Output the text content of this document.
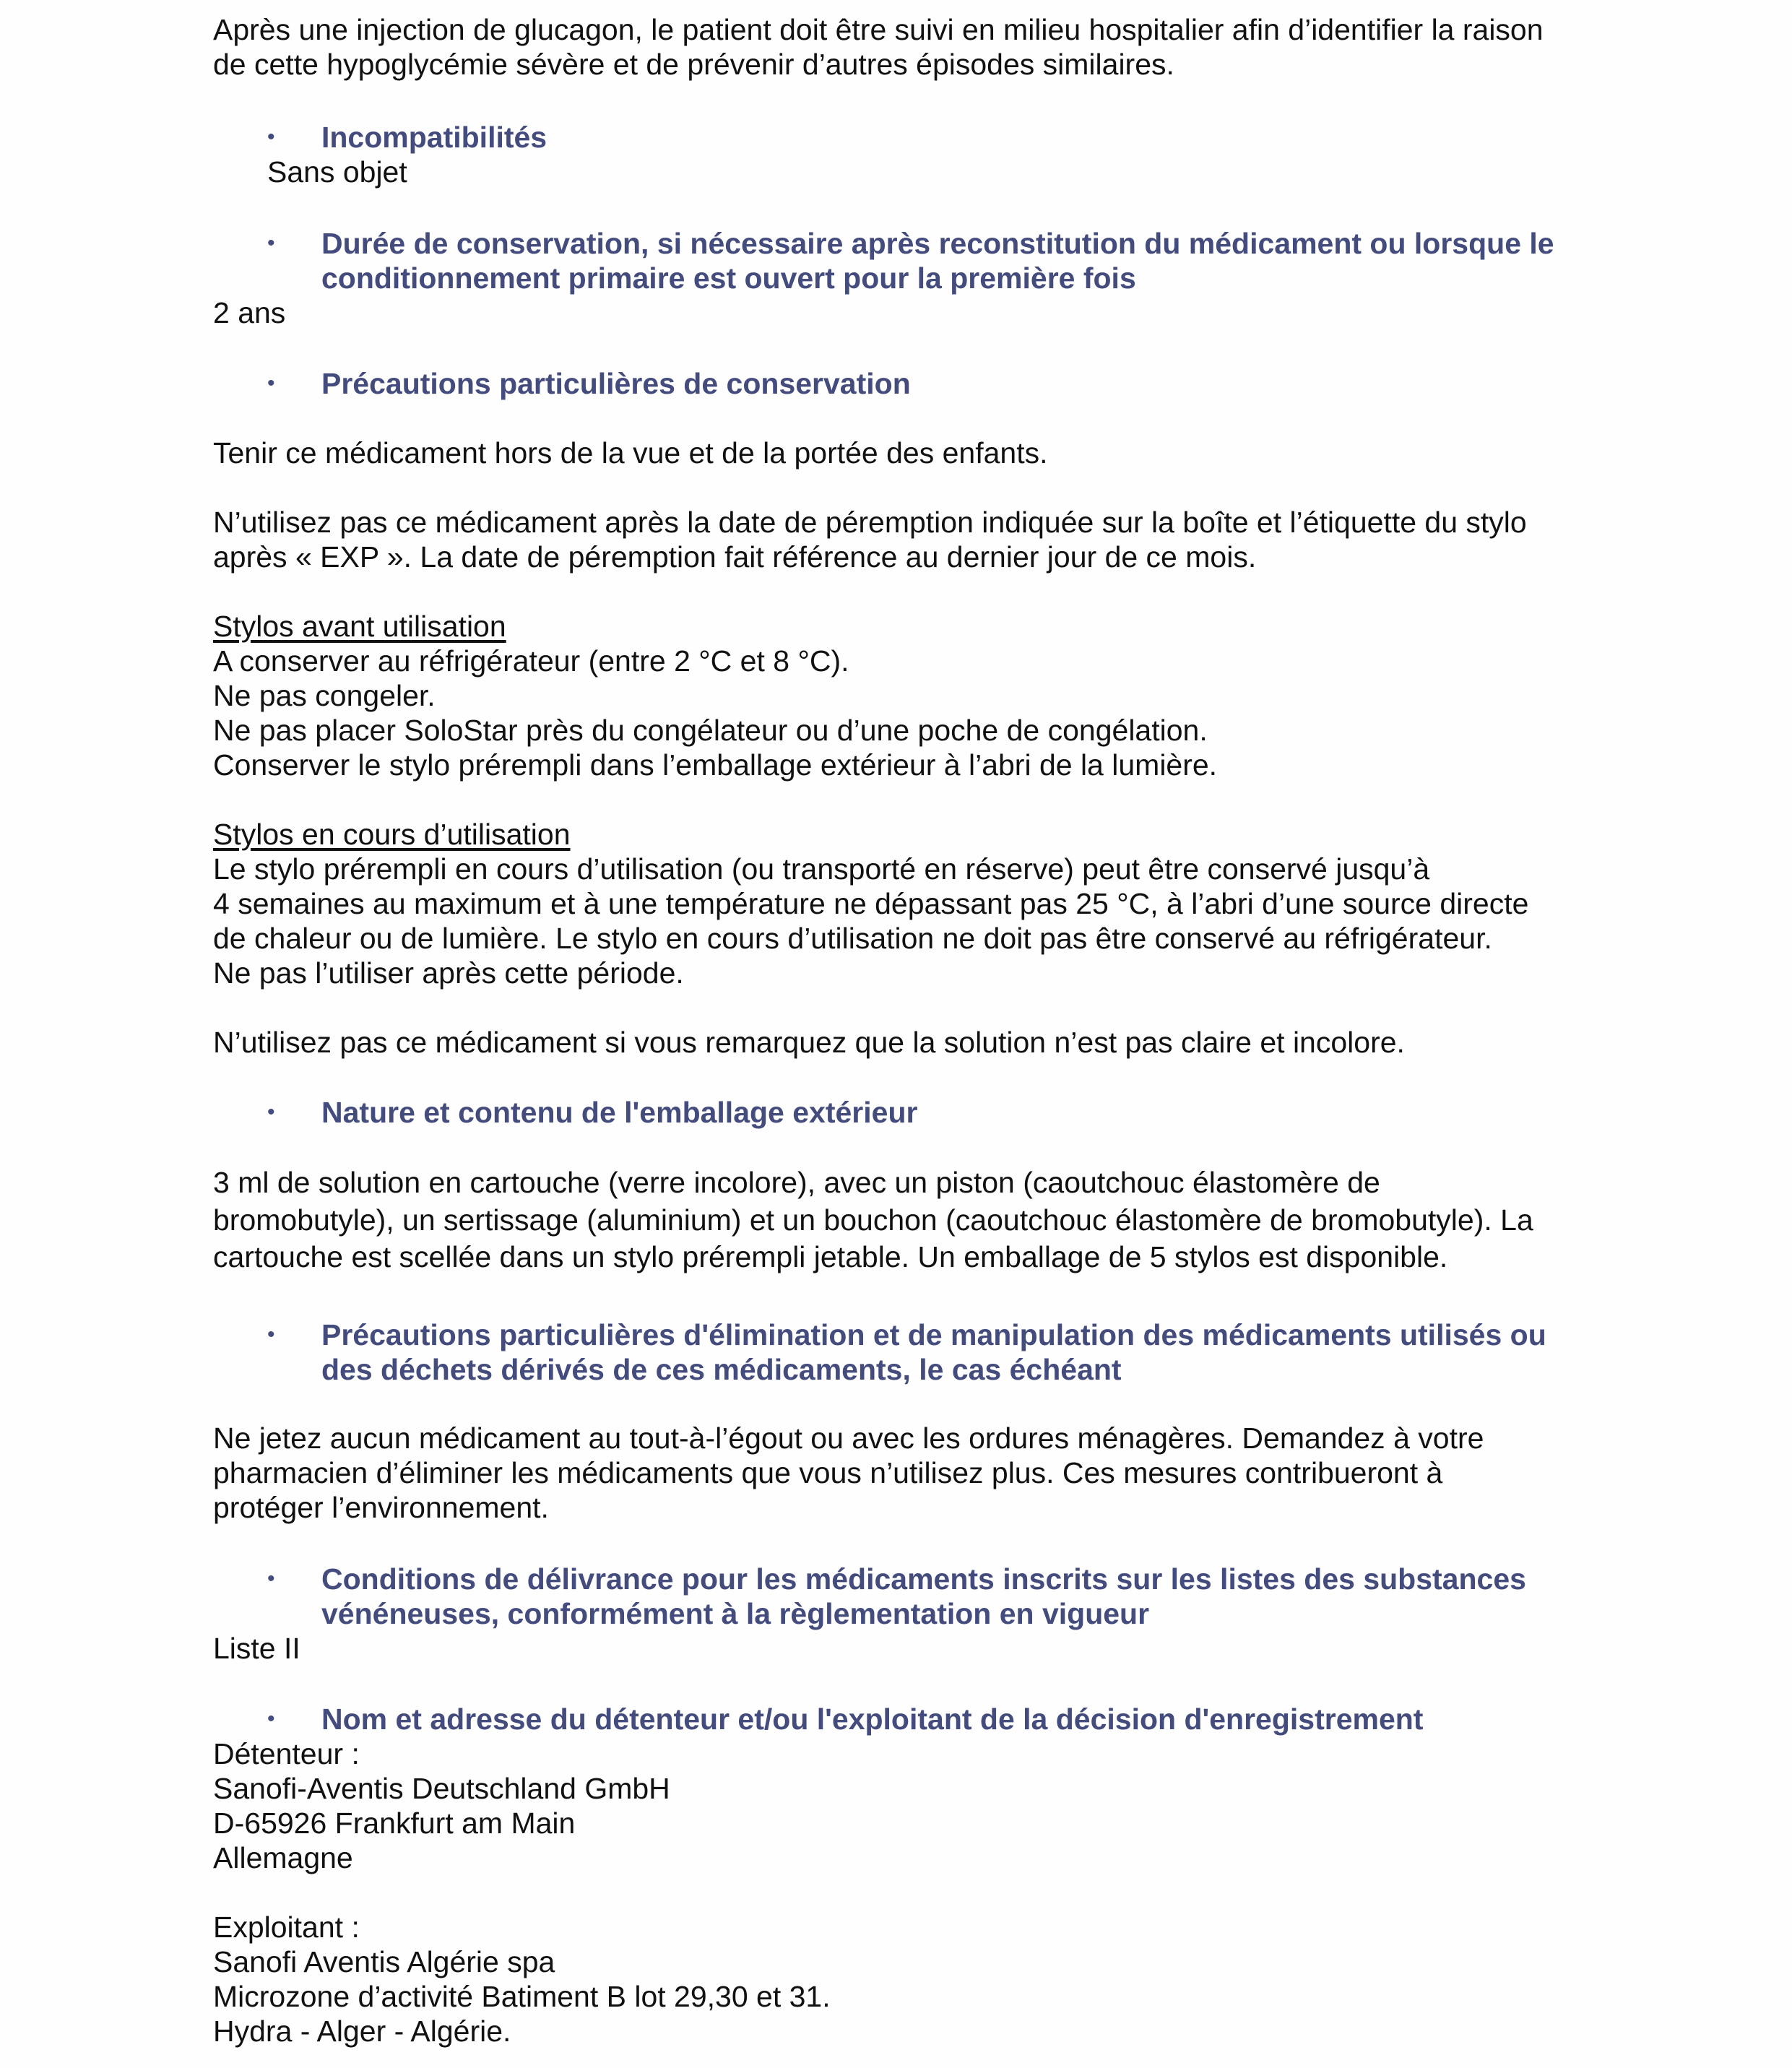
Après une injection de glucagon, le patient doit être suivi en milieu hospitalier afin d’identifier la raison

de cette hypoglycémie sévère et de prévenir d’autres épisodes similaires.

• Incompatibilités

Sans objet

• Durée de conservation, si nécessaire après reconstitution du médicament ou lorsque le

conditionnement primaire est ouvert pour la première fois

2 ans

• Précautions particulières de conservation

Tenir ce médicament hors de la vue et de la portée des enfants.

N’utilisez pas ce médicament après la date de péremption indiquée sur la boîte et l’étiquette du stylo

après « EXP ». La date de péremption fait référence au dernier jour de ce mois.

Stylos avant utilisation

A conserver au réfrigérateur (entre 2 °C et 8 °C).

Ne pas congeler.

Ne pas placer SoloStar près du congélateur ou d’une poche de congélation.

Conserver le stylo prérempli dans l’emballage extérieur à l’abri de la lumière.

Stylos en cours d’utilisation

Le stylo prérempli en cours d’utilisation (ou transporté en réserve) peut être conservé jusqu’à

4 semaines au maximum et à une température ne dépassant pas 25 °C, à l’abri d’une source directe

de chaleur ou de lumière. Le stylo en cours d’utilisation ne doit pas être conservé au réfrigérateur.

Ne pas l’utiliser après cette période.

N’utilisez pas ce médicament si vous remarquez que la solution n’est pas claire et incolore.

• Nature et contenu de l'emballage extérieur

3 ml de solution en cartouche (verre incolore), avec un piston (caoutchouc élastomère de

bromobutyle), un sertissage (aluminium) et un bouchon (caoutchouc élastomère de bromobutyle). La

cartouche est scellée dans un stylo prérempli jetable. Un emballage de 5 stylos est disponible.

• Précautions particulières d'élimination et de manipulation des médicaments utilisés ou

des déchets dérivés de ces médicaments, le cas échéant

Ne jetez aucun médicament au tout-à-l’égout ou avec les ordures ménagères. Demandez à votre

pharmacien d’éliminer les médicaments que vous n’utilisez plus. Ces mesures contribueront à

protéger l’environnement.

• Conditions de délivrance pour les médicaments inscrits sur les listes des substances

vénéneuses, conformément à la règlementation en vigueur

Liste II

• Nom et adresse du détenteur et/ou l'exploitant de la décision d'enregistrement

Détenteur :

Sanofi-Aventis Deutschland GmbH

D-65926 Frankfurt am Main

Allemagne

Exploitant :

Sanofi Aventis Algérie spa

Microzone d’activité Batiment B lot 29,30 et 31.

Hydra - Alger - Algérie.
